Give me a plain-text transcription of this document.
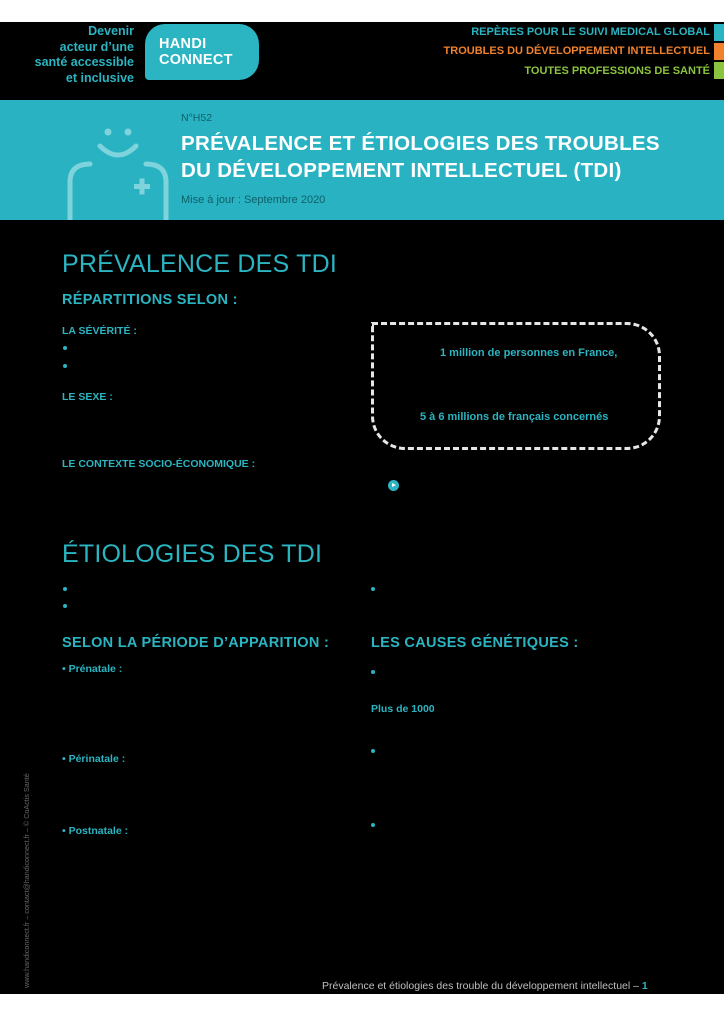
Devenir
acteur d’une
santé accessible
et inclusive
HANDI
CONNECT
REPÈRES POUR LE SUIVI MEDICAL GLOBAL
TROUBLES DU DÉVELOPPEMENT INTELLECTUEL
TOUTES PROFESSIONS DE SANTÉ
N°H52
PRÉVALENCE ET ÉTIOLOGIES DES TROUBLES
DU DÉVELOPPEMENT INTELLECTUEL (TDI)
Mise à jour : Septembre 2020
PRÉVALENCE DES TDI
RÉPARTITIONS SELON :
LA SÉVÉRITÉ :
LE SEXE :
LE CONTEXTE SOCIO-ÉCONOMIQUE :
1 million de personnes en France,
5 à 6 millions de français concernés
ÉTIOLOGIES DES TDI
SELON LA PÉRIODE D’APPARITION :
• Prénatale :
• Périnatale :
• Postnatale :
LES CAUSES GÉNÉTIQUES :
Plus de 1000
www.handiconnect.fr – contact@handiconnect.fr – © CoActis Santé	Prévalence et étiologies des trouble du développement intellectuel – 1
